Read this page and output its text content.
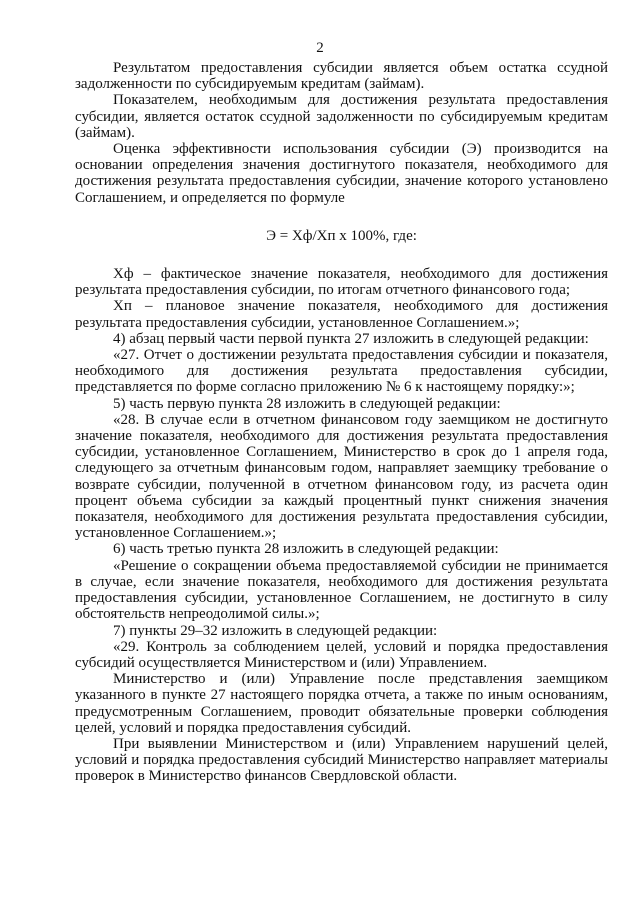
2

Результатом предоставления субсидии является объем остатка ссудной задолженности по субсидируемым кредитам (займам).

Показателем, необходимым для достижения результата предоставления субсидии, является остаток ссудной задолженности по субсидируемым кредитам (займам).

Оценка эффективности использования субсидии (Э) производится на основании определения значения достигнутого показателя, необходимого для достижения результата предоставления субсидии, значение которого установлено Соглашением, и определяется по формуле

Э = Хф/Хп х 100%, где:

Хф – фактическое значение показателя, необходимого для достижения результата предоставления субсидии, по итогам отчетного финансового года;

Хп – плановое значение показателя, необходимого для достижения результата предоставления субсидии, установленное Соглашением.»;

4) абзац первый части первой пункта 27 изложить в следующей редакции:

«27. Отчет о достижении результата предоставления субсидии и показателя, необходимого для достижения результата предоставления субсидии, представляется по форме согласно приложению № 6 к настоящему порядку:»;

5) часть первую пункта 28 изложить в следующей редакции:

«28. В случае если в отчетном финансовом году заемщиком не достигнуто значение показателя, необходимого для достижения результата предоставления субсидии, установленное Соглашением, Министерство в срок до 1 апреля года, следующего за отчетным финансовым годом, направляет заемщику требование о возврате субсидии, полученной в отчетном финансовом году, из расчета один процент объема субсидии за каждый процентный пункт снижения значения показателя, необходимого для достижения результата предоставления субсидии, установленное Соглашением.»;

6) часть третью пункта 28 изложить в следующей редакции:

«Решение о сокращении объема предоставляемой субсидии не принимается в случае, если значение показателя, необходимого для достижения результата предоставления субсидии, установленное Соглашением, не достигнуто в силу обстоятельств непреодолимой силы.»;

7) пункты 29–32 изложить в следующей редакции:

«29. Контроль за соблюдением целей, условий и порядка предоставления субсидий осуществляется Министерством и (или) Управлением.

Министерство и (или) Управление после представления заемщиком указанного в пункте 27 настоящего порядка отчета, а также по иным основаниям, предусмотренным Соглашением, проводит обязательные проверки соблюдения целей, условий и порядка предоставления субсидий.

При выявлении Министерством и (или) Управлением нарушений целей, условий и порядка предоставления субсидий Министерство направляет материалы проверок в Министерство финансов Свердловской области.
